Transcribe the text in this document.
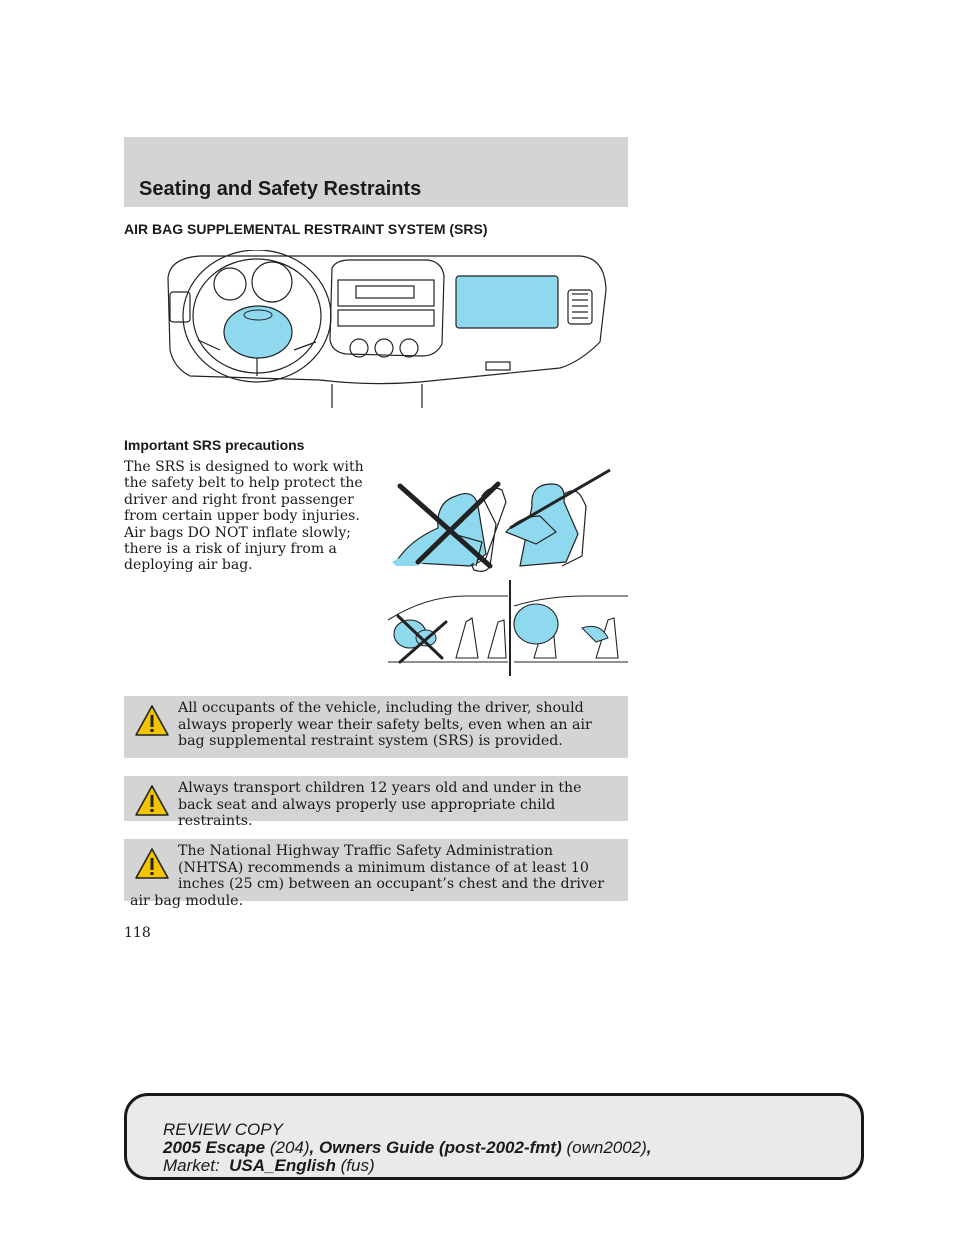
Seating and Safety Restraints
AIR BAG SUPPLEMENTAL RESTRAINT SYSTEM (SRS)
Important SRS precautions

The SRS is designed to work with the safety belt to help protect the driver and right front passenger from certain upper body injuries. Air bags DO NOT inflate slowly; there is a risk of injury from a deploying air bag.

All occupants of the vehicle, including the driver, should always properly wear their safety belts, even when an air bag supplemental restraint system (SRS) is provided.
Always transport children 12 years old and under in the back seat and always properly use appropriate child restraints.
The National Highway Traffic Safety Administration (NHTSA) recommends a minimum distance of at least 10 inches (25 cm) between an occupant’s chest and the driver air bag module.
118
REVIEW COPY
2005 Escape (204), Owners Guide (post-2002-fmt) (own2002),
Market: USA_English (fus)
